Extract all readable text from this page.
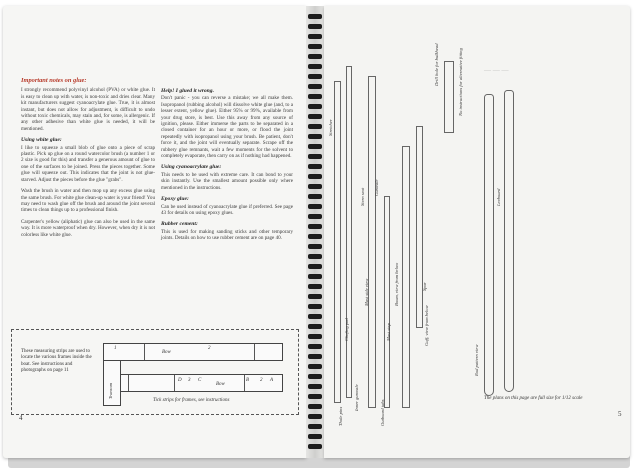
Important notes on glue:

I strongly recommend polyvinyl alcohol (PVA) or white glue. It is easy to clean up with water, is non-toxic and dries clear. Many kit manufacturers suggest cyanoacrylate glue. True, it is almost instant, but does not allow for adjustment, is difficult to undo without toxic chemicals, may stain and, for some, is allergenic. If any other adhesive than white glue is needed, it will be mentioned.

Using white glue:

I like to squeeze a small blob of glue onto a piece of scrap plastic. Pick up glue on a round watercolor brush (a number 1 or 2 size is good for this) and transfer a generous amount of glue to one of the surfaces to be joined. Press the pieces together. Some glue will squeeze out. This indicates that the joint is not glue-starved. Adjust the pieces before the glue "grabs".

Wash the brush in water and then mop up any excess glue using the same brush. For white glue clean-up water is your friend! You may need to wash glue off the brush and around the joint several times to clean things up to a professional finish.

Carpenter's yellow (aliphatic) glue can also be used in the same way. It is more waterproof when dry. However, when dry it is not colorless like white glue.

Help! I glued it wrong.

Don't panic - you can reverse a mistake; we all make them. Isopropanol (rubbing alcohol) will dissolve white glue (and, to a lesser extent, yellow glue). Either 95% or 99%, available from your drug store, is best. Use this away from any source of ignition, please. Either immerse the parts to be separated in a closed container for an hour or more, or flood the joint repeatedly with isopropanol using your brush. Be patient, don't force it, and the joint will eventually separate. Scrape off the rubbery glue remnants, wait a few moments for the solvent to completely evaporate, then carry on as if nothing had happened.

Using cyanoacrylate glue:

This needs to be used with extreme care. It can bond to your skin instantly. Use the smallest amount possible only where mentioned in the instructions.

Epoxy glue:

Can be used instead of cyanoacrylate glue if preferred. See page 43 for details on using epoxy glues.

Rubber cement:

This is used for making sanding sticks and other temporary joints. Details on how to use rubber cement are on page 40.

These measuring strips are used to locate the various frames inside the boat. See instructions and photographs on page 11
Bow
1	2
D 3 C	B 2 A
Bow
Transom
Tick strips for frames, see instructions
4
— — —
Stretcher
Chafing pad
Inner gunwale
Mast side view
Stern seat
Gunwale
Mast step
Boom, view from below
Gaff, view from below
Spar
Outboard tabs
Drill hole for bulkhead	No instructions for alternative fitting
Leeboard
Rod pattern view
Thole pins
The plans on this page are full size for 1/12 scale
5
